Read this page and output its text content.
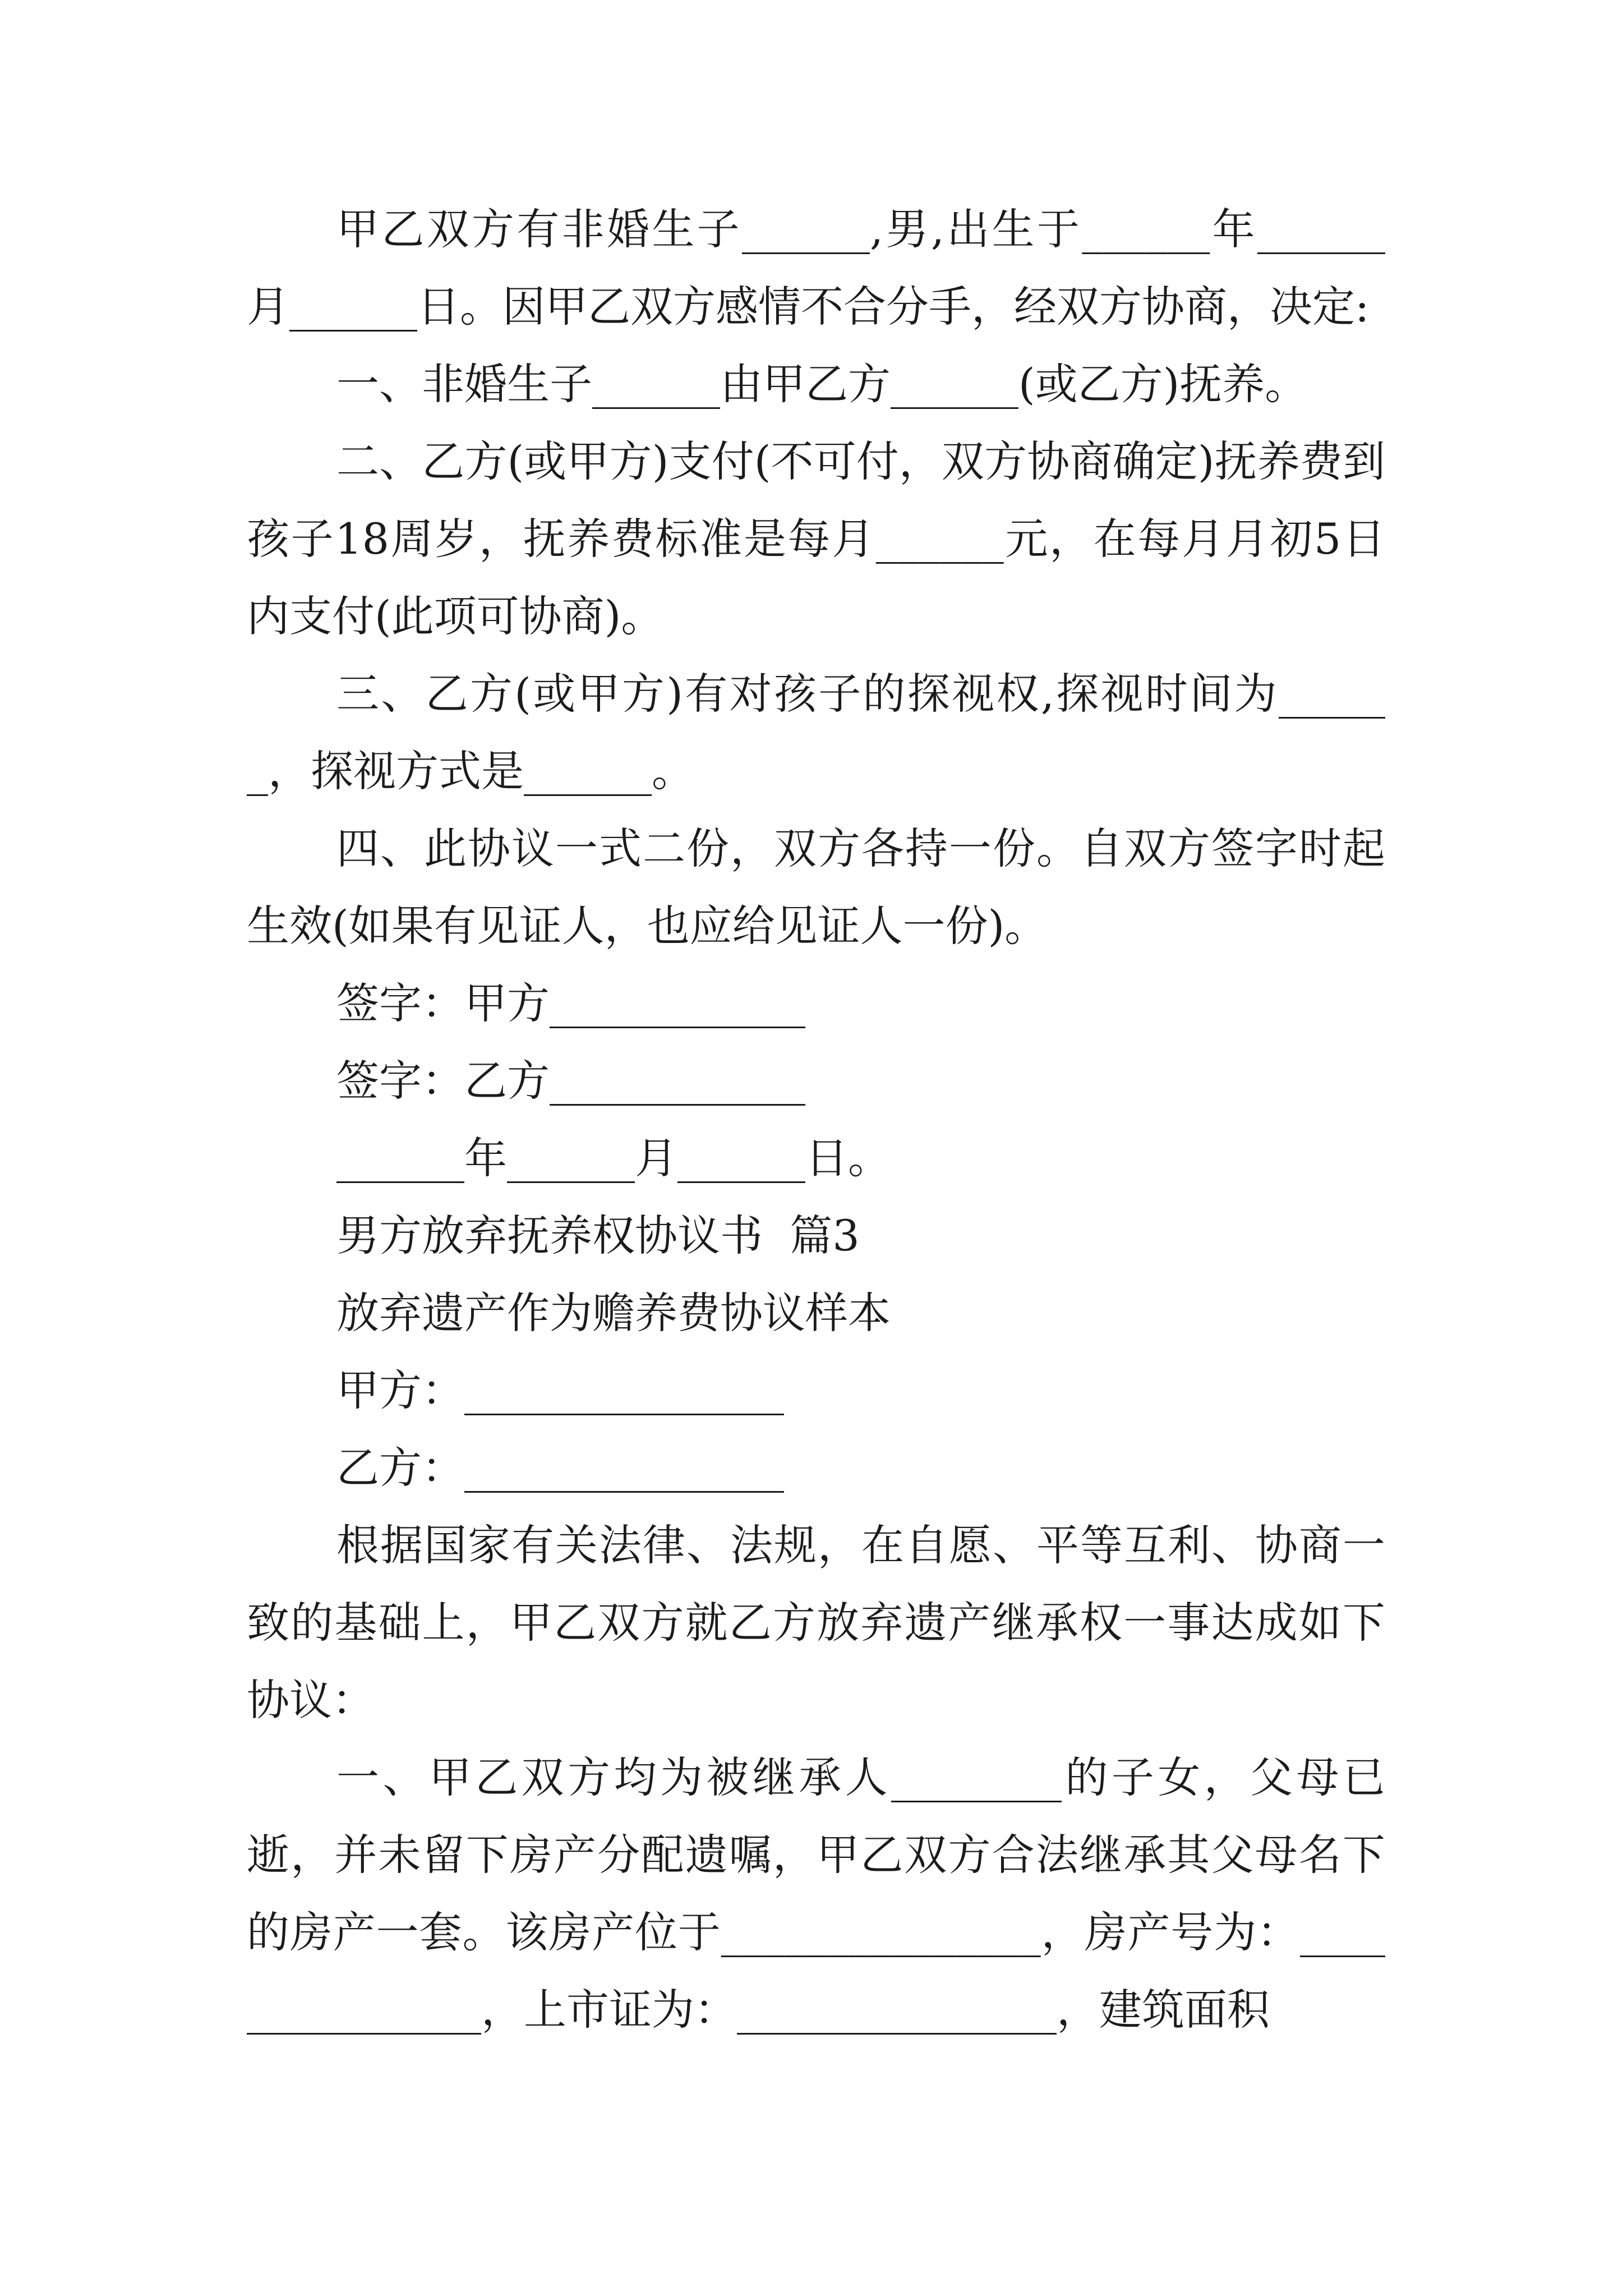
甲乙双方有非婚生子______,男,出生于______年______月______日。因甲乙双方感情不合分手，经双方协商，决定:

一、非婚生子______由甲乙方______(或乙方)抚养。

二、乙方(或甲方)支付(不可付，双方协商确定)抚养费到孩子18周岁，抚养费标准是每月______元，在每月月初5日内支付(此项可协商)。

三、乙方(或甲方)有对孩子的探视权,探视时间为______，探视方式是______。

四、此协议一式二份，双方各持一份。自双方签字时起生效(如果有见证人，也应给见证人一份)。

签字：甲方____________

签字：乙方____________

______年______月______日。

男方放弃抚养权协议书  篇3

放弃遗产作为赡养费协议样本

甲方：_______________

乙方：_______________

根据国家有关法律、法规，在自愿、平等互利、协商一致的基础上，甲乙双方就乙方放弃遗产继承权一事达成如下协议：

一、甲乙双方均为被继承人________的子女，父母已逝，并未留下房产分配遗嘱，甲乙双方合法继承其父母名下的房产一套。该房产位于_______________，房产号为：_______________，上市证为：_______________，建筑面积
